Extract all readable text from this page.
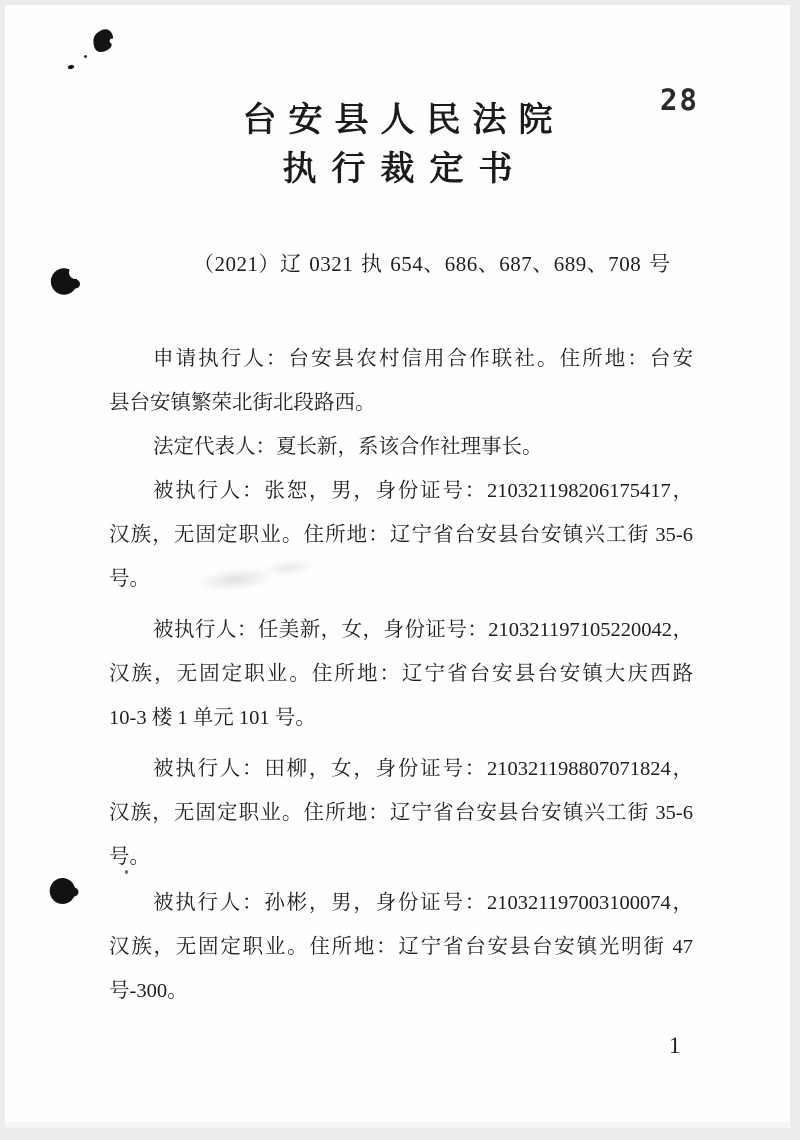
28
台安县人民法院
执行裁定书
（2021）辽 0321 执 654、686、687、689、708 号
申请执行人：台安县农村信用合作联社。住所地：台安
县台安镇繁荣北街北段路西。
法定代表人：夏长新，系该合作社理事长。
被执行人：张恕，男，身份证号：210321198206175417，
汉族，无固定职业。住所地：辽宁省台安县台安镇兴工街 35-6
号。
被执行人：任美新，女，身份证号：210321197105220042，
汉族，无固定职业。住所地：辽宁省台安县台安镇大庆西路
10-3 楼 1 单元 101 号。
被执行人：田柳，女，身份证号：210321198807071824，
汉族，无固定职业。住所地：辽宁省台安县台安镇兴工街 35-6
号。
被执行人：孙彬，男，身份证号：210321197003100074，
汉族，无固定职业。住所地：辽宁省台安县台安镇光明街 47
号-300。
1
